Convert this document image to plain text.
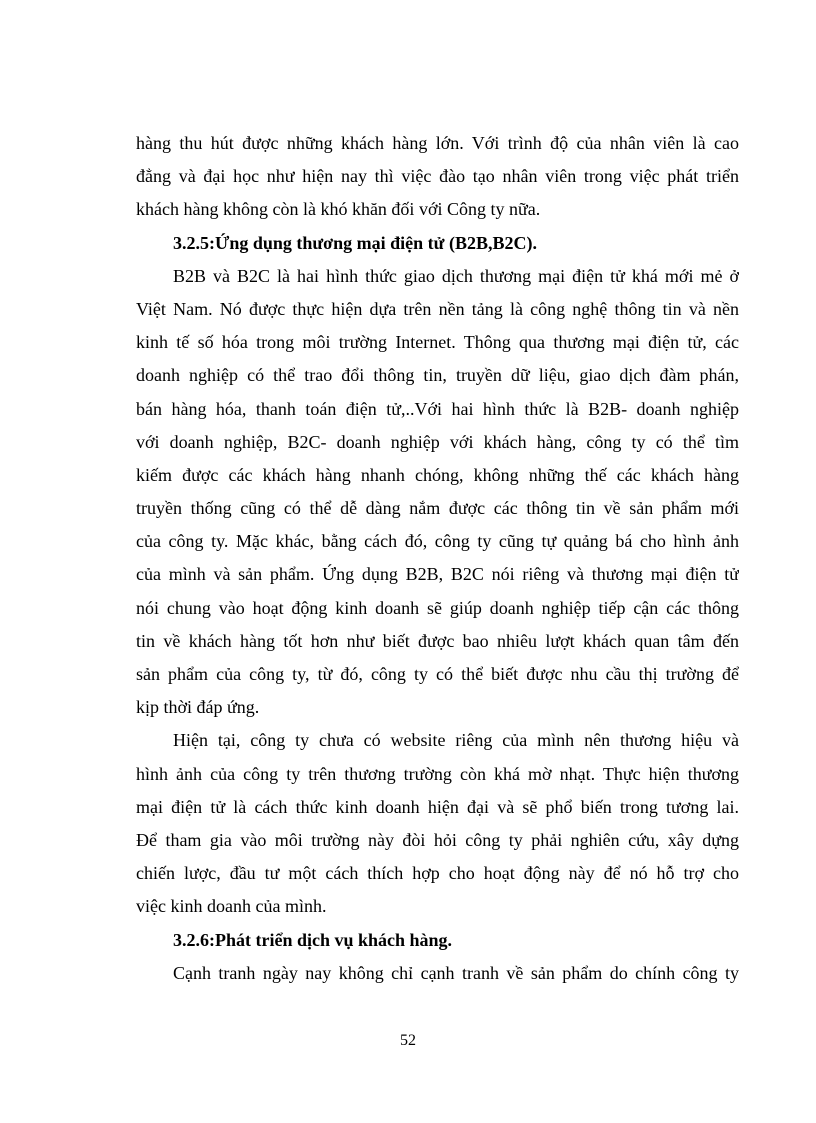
hàng thu hút được những khách hàng lớn. Với trình độ của nhân viên là cao
đẳng và đại học như hiện nay thì việc đào tạo nhân viên trong việc phát triển
khách hàng không còn là khó khăn đối với Công ty nữa.
3.2.5:Ứng dụng thương mại điện tử (B2B,B2C).
B2B và B2C là hai hình thức giao dịch thương mại điện tử khá mới mẻ ở
Việt Nam. Nó được thực hiện dựa trên nền tảng là công nghệ thông tin và nền
kinh tế số hóa trong môi trường Internet. Thông qua thương mại điện tử, các
doanh nghiệp có thể trao đổi thông tin, truyền dữ liệu, giao dịch đàm phán,
bán hàng hóa, thanh toán điện tử,..Với hai hình thức là B2B- doanh nghiệp
với doanh nghiệp, B2C- doanh nghiệp với khách hàng, công ty có thể tìm
kiếm được các khách hàng nhanh chóng, không những thế các khách hàng
truyền thống cũng có thể dễ dàng nắm được các thông tin về sản phẩm mới
của công ty. Mặc khác, bằng cách đó, công ty cũng tự quảng bá cho hình ảnh
của mình và sản phẩm. Ứng dụng B2B, B2C nói riêng và thương mại điện tử
nói chung vào hoạt động kinh doanh sẽ giúp doanh nghiệp tiếp cận các thông
tin về khách hàng tốt hơn như biết được bao nhiêu lượt khách quan tâm đến
sản phẩm của công ty, từ đó, công ty có thể biết được nhu cầu thị trường để
kịp thời đáp ứng.
Hiện tại, công ty chưa có website riêng của mình nên thương hiệu và
hình ảnh của công ty trên thương trường còn khá mờ nhạt. Thực hiện thương
mại điện tử là cách thức kinh doanh hiện đại và sẽ phổ biến trong tương lai.
Để tham gia vào môi trường này đòi hỏi công ty phải nghiên cứu, xây dựng
chiến lược, đầu tư một cách thích hợp cho hoạt động này để nó hỗ trợ cho
việc kinh doanh của mình.
3.2.6:Phát triển dịch vụ khách hàng.
Cạnh tranh ngày nay không chỉ cạnh tranh về sản phẩm do chính công ty
52
